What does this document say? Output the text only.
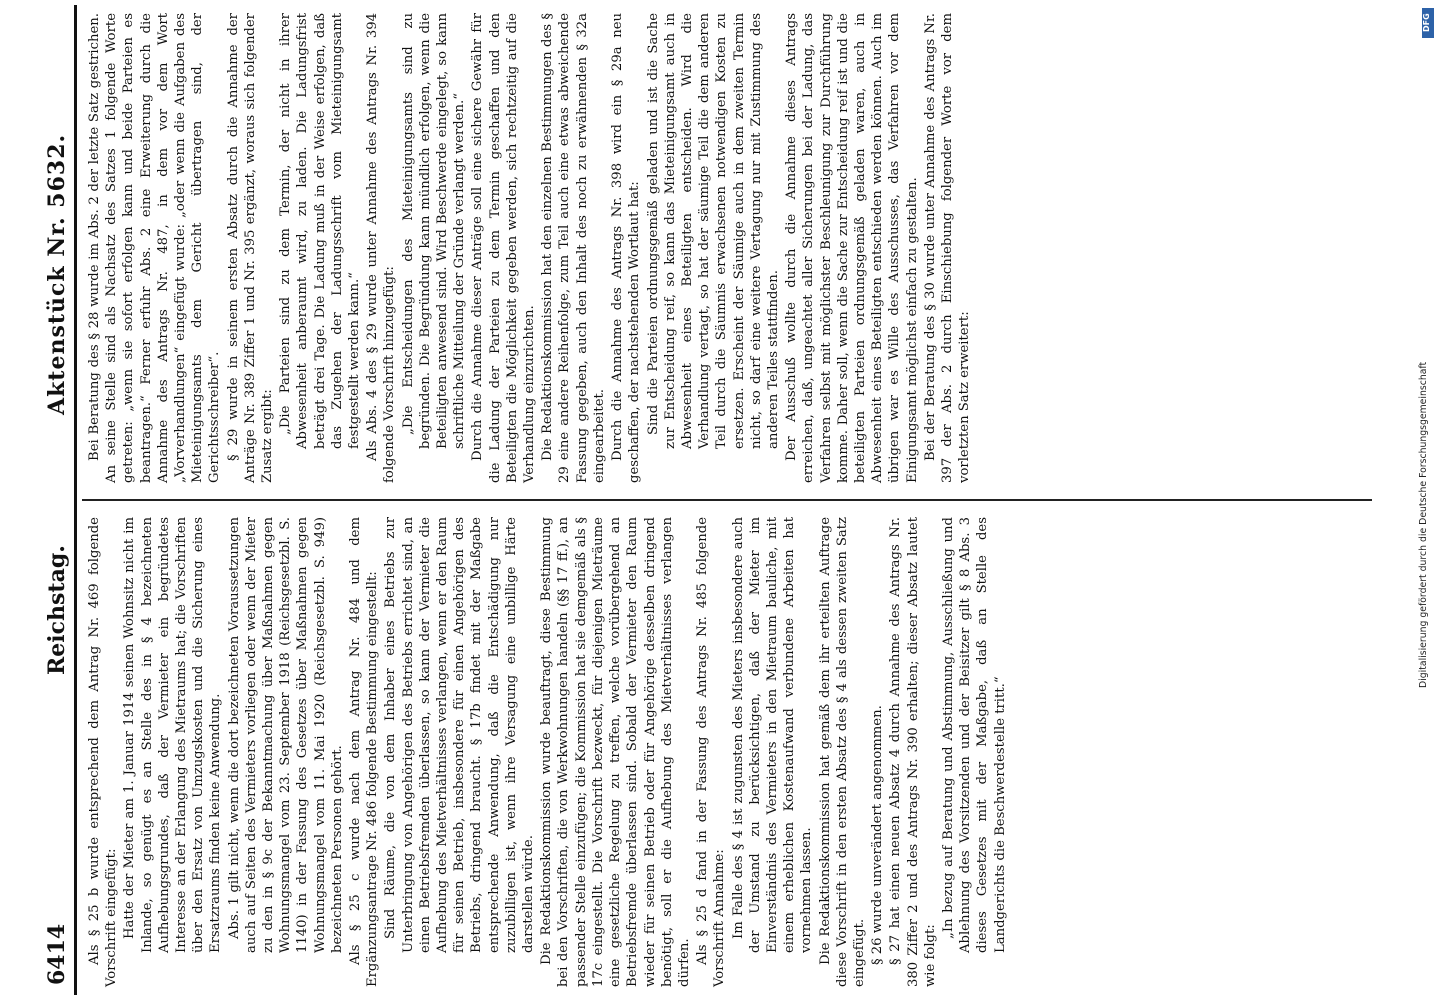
6414
Reichstag.
Aktenstück Nr. 5632.

Als § 25 b wurde entsprechend dem Antrag Nr. 469 folgende Vorschrift eingefügt: Hatte der Mieter am 1. Januar 1914 seinen Wohnsitz nicht im Inlande, so genügt es an Stelle des in § 4 bezeichneten Aufhebungsgrundes, daß der Vermieter ein begründetes Interesse an der Erlangung des Mietraums hat; die Vorschriften über den Ersatz von Umzugskosten und die Sicherung eines Ersatzraums finden keine Anwendung. Abs. 1 gilt nicht, wenn die dort bezeichneten Voraussetzungen auch auf Seiten des Vermieters vorliegen oder wenn der Mieter zu den in § 9c der Bekanntmachung über Maßnahmen gegen Wohnungsmangel vom 23. September 1918 (Reichsgesetzbl. S. 1140) in der Fassung des Gesetzes über Maßnahmen gegen Wohnungsmangel vom 11. Mai 1920 (Reichsgesetzbl. S. 949) bezeichneten Personen gehört. Als § 25 c wurde nach dem Antrag Nr. 484 und dem Ergänzungsantrage Nr. 486 folgende Bestimmung eingestellt: Sind Räume, die von dem Inhaber eines Betriebs zur Unterbringung von Angehörigen des Betriebs errichtet sind, an einen Betriebsfremden überlassen, so kann der Vermieter die Aufhebung des Mietverhältnisses verlangen, wenn er den Raum für seinen Betrieb, insbesondere für einen Angehörigen des Betriebs, dringend braucht. § 17b findet mit der Maßgabe entsprechende Anwendung, daß die Entschädigung nur zuzubilligen ist, wenn ihre Versagung eine unbillige Härte darstellen würde. Die Redaktionskommission wurde beauftragt, diese Bestimmung bei den Vorschriften, die von Werkwohnungen handeln (§§ 17 ff.), an passender Stelle einzufügen; die Kommission hat sie demgemäß als § 17c eingestellt. Die Vorschrift bezweckt, für diejenigen Mieträume eine gesetzliche Regelung zu treffen, welche vorübergehend an Betriebsfremde überlassen sind. Sobald der Vermieter den Raum wieder für seinen Betrieb oder für Angehörige desselben dringend benötigt, soll er die Aufhebung des Mietverhältnisses verlangen dürfen. Als § 25 d fand in der Fassung des Antrags Nr. 485 folgende Vorschrift Annahme: Im Falle des § 4 ist zugunsten des Mieters insbesondere auch der Umstand zu berücksichtigen, daß der Mieter im Einverständnis des Vermieters in den Mietraum bauliche, mit einem erheblichen Kostenaufwand verbundene Arbeiten hat vornehmen lassen. Die Redaktionskommission hat gemäß dem ihr erteilten Auftrage diese Vorschrift in den ersten Absatz des § 4 als dessen zweiten Satz eingefügt. § 26 wurde unverändert angenommen. § 27 hat einen neuen Absatz 4 durch Annahme des Antrags Nr. 380 Ziffer 2 und des Antrags Nr. 390 erhalten; dieser Absatz lautet wie folgt:

„In bezug auf Beratung und Abstimmung, Ausschließung und Ablehnung des Vorsitzenden und der Beisitzer gilt § 8 Abs. 3 dieses Gesetzes mit der Maßgabe, daß an Stelle des Landgerichts die Beschwerdestelle tritt.“

Bei Beratung des § 28 wurde im Abs. 2 der letzte Satz gestrichen. An seine Stelle sind als Nachsatz des Satzes 1 folgende Worte getreten: „wenn sie sofort erfolgen kann und beide Parteien es beantragen.“ Ferner erfuhr Abs. 2 eine Erweiterung durch die Annahme des Antrags Nr. 487, in dem vor dem Wort „Vorverhandlungen“ eingefügt wurde: „oder wenn die Aufgaben des Mieteinigungsamts dem Gericht übertragen sind, der Gerichtsschreiber“. § 29 wurde in seinem ersten Absatz durch die Annahme der Anträge Nr. 389 Ziffer 1 und Nr. 395 ergänzt, woraus sich folgender Zusatz ergibt:

„Die Parteien sind zu dem Termin, der nicht in ihrer Abwesenheit anberaumt wird, zu laden. Die Ladungsfrist beträgt drei Tage. Die Ladung muß in der Weise erfolgen, daß das Zugehen der Ladungsschrift vom Mieteinigungsamt festgestellt werden kann.“ Als Abs. 4 des § 29 wurde unter Annahme des Antrags Nr. 394 folgende Vorschrift hinzugefügt: „Die Entscheidungen des Mieteinigungsamts sind zu begründen. Die Begründung kann mündlich erfolgen, wenn die Beteiligten anwesend sind. Wird Beschwerde eingelegt, so kann schriftliche Mitteilung der Gründe verlangt werden.“ Durch die Annahme dieser Anträge soll eine sichere Gewähr für die Ladung der Parteien zu dem Termin geschaffen und den Beteiligten die Möglichkeit gegeben werden, sich rechtzeitig auf die Verhandlung einzurichten. Die Redaktionskommission hat den einzelnen Bestimmungen des § 29 eine andere Reihenfolge, zum Teil auch eine etwas abweichende Fassung gegeben, auch den Inhalt des noch zu erwähnenden § 32a eingearbeitet. Durch die Annahme des Antrags Nr. 398 wird ein § 29a neu geschaffen, der nachstehenden Wortlaut hat: Sind die Parteien ordnungsgemäß geladen und ist die Sache zur Entscheidung reif, so kann das Mieteinigungsamt auch in Abwesenheit eines Beteiligten entscheiden. Wird die Verhandlung vertagt, so hat der säumige Teil die dem anderen Teil durch die Säumnis erwachsenen notwendigen Kosten zu ersetzen. Erscheint der Säumige auch in dem zweiten Termin nicht, so darf eine weitere Vertagung nur mit Zustimmung des anderen Teiles stattfinden. Der Ausschuß wollte durch die Annahme dieses Antrags erreichen, daß, ungeachtet aller Sicherungen bei der Ladung, das Verfahren selbst mit möglichster Beschleunigung zur Durchführung komme. Daher soll, wenn die Sache zur Entscheidung reif ist und die beteiligten Parteien ordnungsgemäß geladen waren, auch in Abwesenheit eines Beteiligten entschieden werden können. Auch im übrigen war es Wille des Ausschusses, das Verfahren vor dem Einigungsamt möglichst einfach zu gestalten. Bei der Beratung des § 30 wurde unter Annahme des Antrags Nr. 397 der Abs. 2 durch Einschiebung folgender Worte vor dem vorletzten Satz erweitert:

DFG
Digitalisierung gefördert durch die Deutsche Forschungsgemeinschaft
